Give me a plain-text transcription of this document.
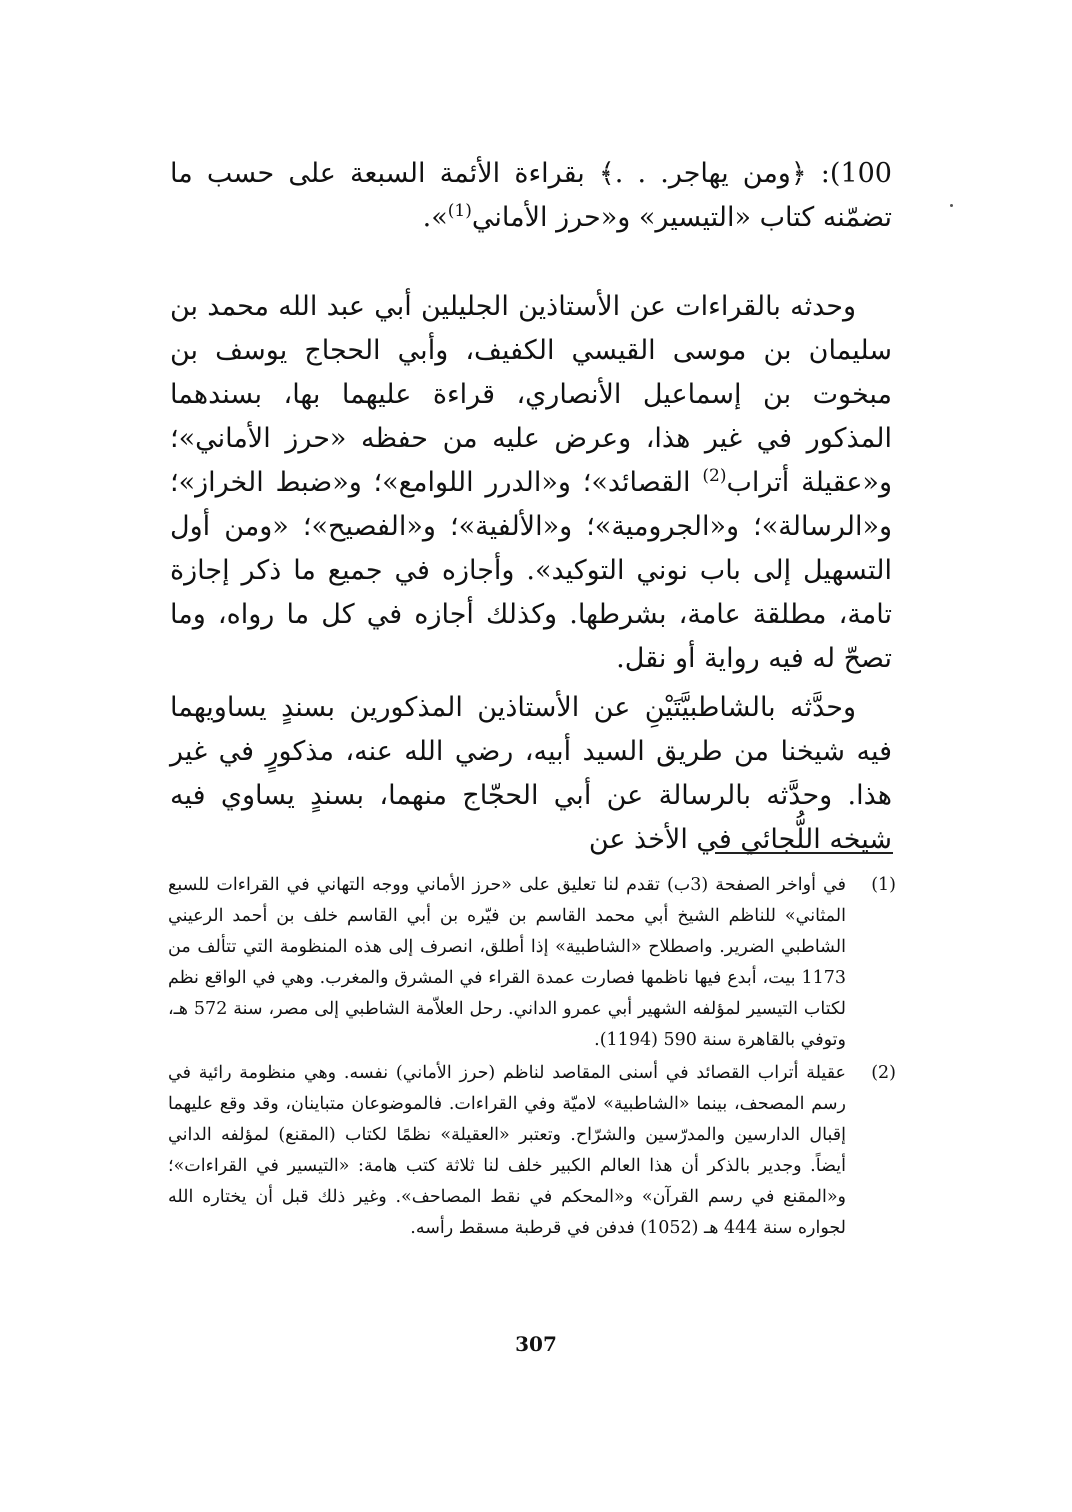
100): ﴿ومن يهاجر. . .﴾ بقراءة الأئمة السبعة على حسب ما تضمّنه كتاب «التيسير» و«حرز الأماني$^{(1)}$».

وحدثه بالقراءات عن الأستاذين الجليلين أبي عبد الله محمد بن سليمان بن موسى القيسي الكفيف، وأبي الحجاج يوسف بن مبخوت بن إسماعيل الأنصاري، قراءة عليهما بها، بسندهما المذكور في غير هذا، وعرض عليه من حفظه «حرز الأماني»؛ و«عقيلة أتراب$^{(2)}$ القصائد»؛ و«الدرر اللوامع»؛ و«ضبط الخراز»؛ و«الرسالة»؛ و«الجرومية»؛ و«الألفية»؛ و«الفصيح»؛ «ومن أول التسهيل إلى باب نوني التوكيد». وأجازه في جميع ما ذكر إجازة تامة، مطلقة عامة، بشرطها. وكذلك أجازه في كل ما رواه، وما تصحّ له فيه رواية أو نقل.

وحدَّثه بالشاطبيَّتَيْنِ عن الأستاذين المذكورين بسندٍ يساويهما فيه شيخنا من طريق السيد أبيه، رضي الله عنه، مذكورٍ في غير هذا. وحدَّثه بالرسالة عن أبي الحجّاج منهما، بسندٍ يساوي فيه شيخه اللُّجائي في الأخذ عن

(1)
في أواخر الصفحة (3ب) تقدم لنا تعليق على «حرز الأماني ووجه التهاني في القراءات للسبع المثاني» للناظم الشيخ أبي محمد القاسم بن فيّره بن أبي القاسم خلف بن أحمد الرعيني الشاطبي الضرير. واصطلاح «الشاطبية» إذا أطلق، انصرف إلى هذه المنظومة التي تتألف من 1173 بيت، أبدع فيها ناظمها فصارت عمدة القراء في المشرق والمغرب. وهي في الواقع نظم لكتاب التيسير لمؤلفه الشهير أبي عمرو الداني. رحل العلاّمة الشاطبي إلى مصر، سنة 572 هـ، وتوفي بالقاهرة سنة 590 (1194).
(2)
عقيلة أتراب القصائد في أسنى المقاصد لناظم (حرز الأماني) نفسه. وهي منظومة رائية في رسم المصحف، بينما «الشاطبية» لاميّة وفي القراءات. فالموضوعان متباينان، وقد وقع عليهما إقبال الدارسين والمدرّسين والشرّاح. وتعتبر «العقيلة» نظمًا لكتاب (المقنع) لمؤلفه الداني أيضاً. وجدير بالذكر أن هذا العالم الكبير خلف لنا ثلاثة كتب هامة: «التيسير في القراءات»؛ و«المقنع في رسم القرآن» و«المحكم في نقط المصاحف». وغير ذلك قبل أن يختاره الله لجواره سنة 444 هـ (1052) فدفن في قرطبة مسقط رأسه.
307
